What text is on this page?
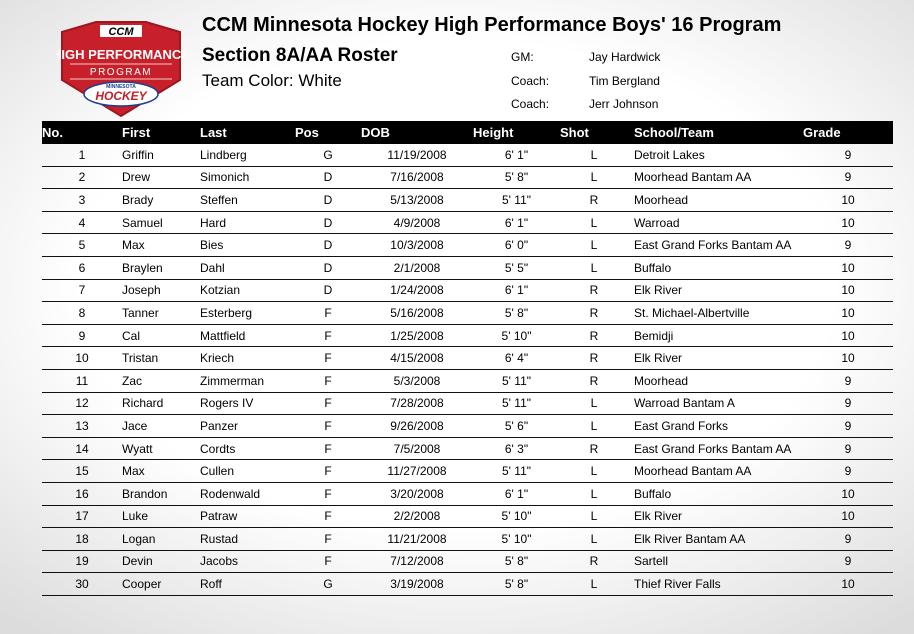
CCM
HIGH PERFORMANCE
PROGRAM
MINNESOTA
HOCKEY
CCM Minnesota Hockey High Performance Boys' 16 Program
Section 8A/AA Roster
Team Color: White
GM:	Jay Hardwick
Coach:	Tim Bergland
Coach:	Jerr Johnson
No.	First	Last	Pos	DOB	Height	Shot	School/Team	Grade
1	Griffin	Lindberg	G	11/19/2008	6' 1"	L	Detroit Lakes	9
2	Drew	Simonich	D	7/16/2008	5' 8"	L	Moorhead Bantam AA	9
3	Brady	Steffen	D	5/13/2008	5' 11"	R	Moorhead	10
4	Samuel	Hard	D	4/9/2008	6' 1"	L	Warroad	10
5	Max	Bies	D	10/3/2008	6' 0"	L	East Grand Forks Bantam AA	9
6	Braylen	Dahl	D	2/1/2008	5' 5"	L	Buffalo	10
7	Joseph	Kotzian	D	1/24/2008	6' 1"	R	Elk River	10
8	Tanner	Esterberg	F	5/16/2008	5' 8"	R	St. Michael-Albertville	10
9	Cal	Mattfield	F	1/25/2008	5' 10"	R	Bemidji	10
10	Tristan	Kriech	F	4/15/2008	6' 4"	R	Elk River	10
11	Zac	Zimmerman	F	5/3/2008	5' 11"	R	Moorhead	9
12	Richard	Rogers IV	F	7/28/2008	5' 11"	L	Warroad Bantam A	9
13	Jace	Panzer	F	9/26/2008	5' 6"	L	East Grand Forks	9
14	Wyatt	Cordts	F	7/5/2008	6' 3"	R	East Grand Forks Bantam AA	9
15	Max	Cullen	F	11/27/2008	5' 11"	L	Moorhead Bantam AA	9
16	Brandon	Rodenwald	F	3/20/2008	6' 1"	L	Buffalo	10
17	Luke	Patraw	F	2/2/2008	5' 10"	L	Elk River	10
18	Logan	Rustad	F	11/21/2008	5' 10"	L	Elk River Bantam AA	9
19	Devin	Jacobs	F	7/12/2008	5' 8"	R	Sartell	9
30	Cooper	Roff	G	3/19/2008	5' 8"	L	Thief River Falls	10
